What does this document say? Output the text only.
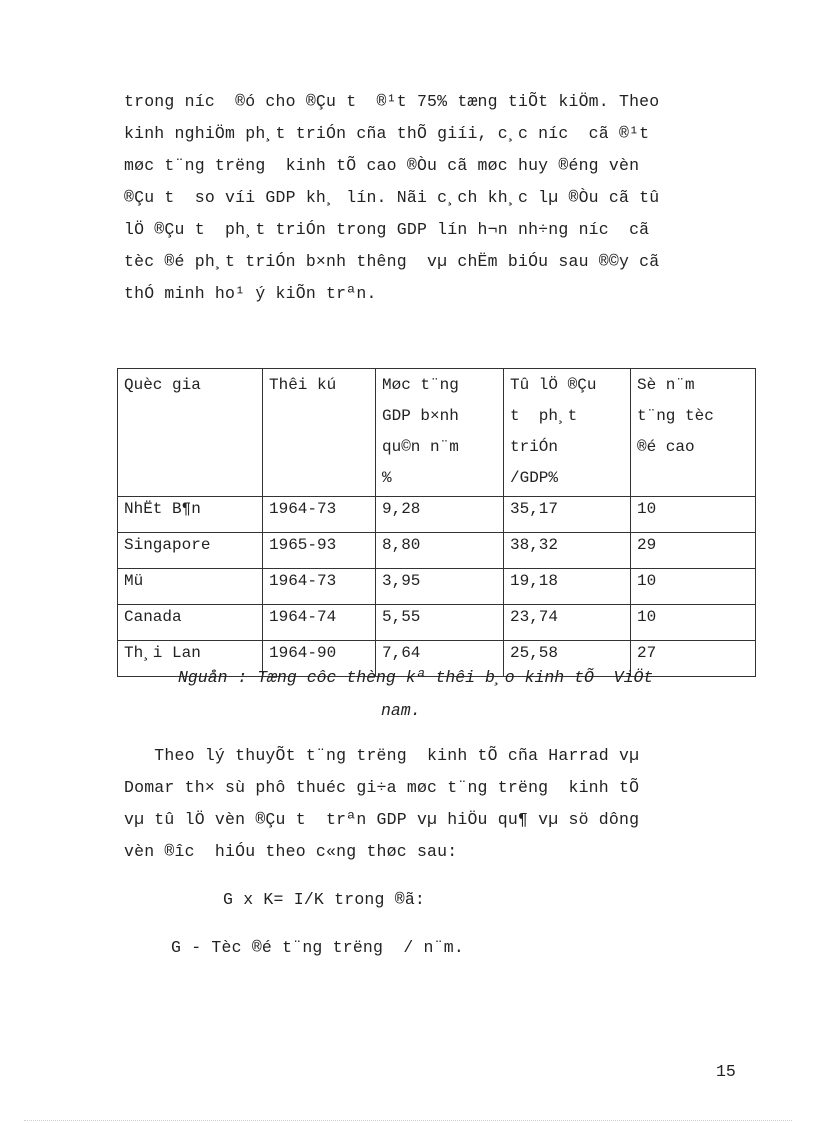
trong níc  ®ó cho ®Çu t  ®¹t 75% tæng tiÕt kiÖm. Theo
kinh nghiÖm ph¸t triÓn cña thÕ giíi, c¸c níc  cã ®¹t
møc t¨ng trëng  kinh tÕ cao ®Òu cã møc huy ®éng vèn
®Çu t  so víi GDP kh¸ lín. Nãi c¸ch kh¸c lµ ®Òu cã tû
lÖ ®Çu t  ph¸t triÓn trong GDP lín h¬n nh÷ng níc  cã
tèc ®é ph¸t triÓn b×nh thêng  vµ chËm biÓu sau ®©y cã
thÓ minh ho¹ ý kiÕn trªn.
Quèc gia	Thêi kú	Møc t¨ng
GDP b×nh
qu©n n¨m
%	Tû lÖ ®Çu
t  ph¸t
triÓn
/GDP%	Sè n¨m
t¨ng tèc
®é cao
NhËt B¶n	1964-73	9,28	35,17	10
Singapore	1965-93	8,80	38,32	29
Mü	1964-73	3,95	19,18	10
Canada	1964-74	5,55	23,74	10
Th¸i Lan	1964-90	7,64	25,58	27
Nguån : Tæng côc thèng kª thêi b¸o kinh tÕ  ViÖt
nam.
Theo lý thuyÕt t¨ng trëng  kinh tÕ cña Harrad vµ
Domar th× sù phô thuéc gi÷a møc t¨ng trëng  kinh tÕ
vµ tû lÖ vèn ®Çu t  trªn GDP vµ hiÖu qu¶ vµ sö dông
vèn ®îc  hiÓu theo c«ng thøc sau:
G x K= I/K trong ®ã:
G - Tèc ®é t¨ng trëng  / n¨m.
15
